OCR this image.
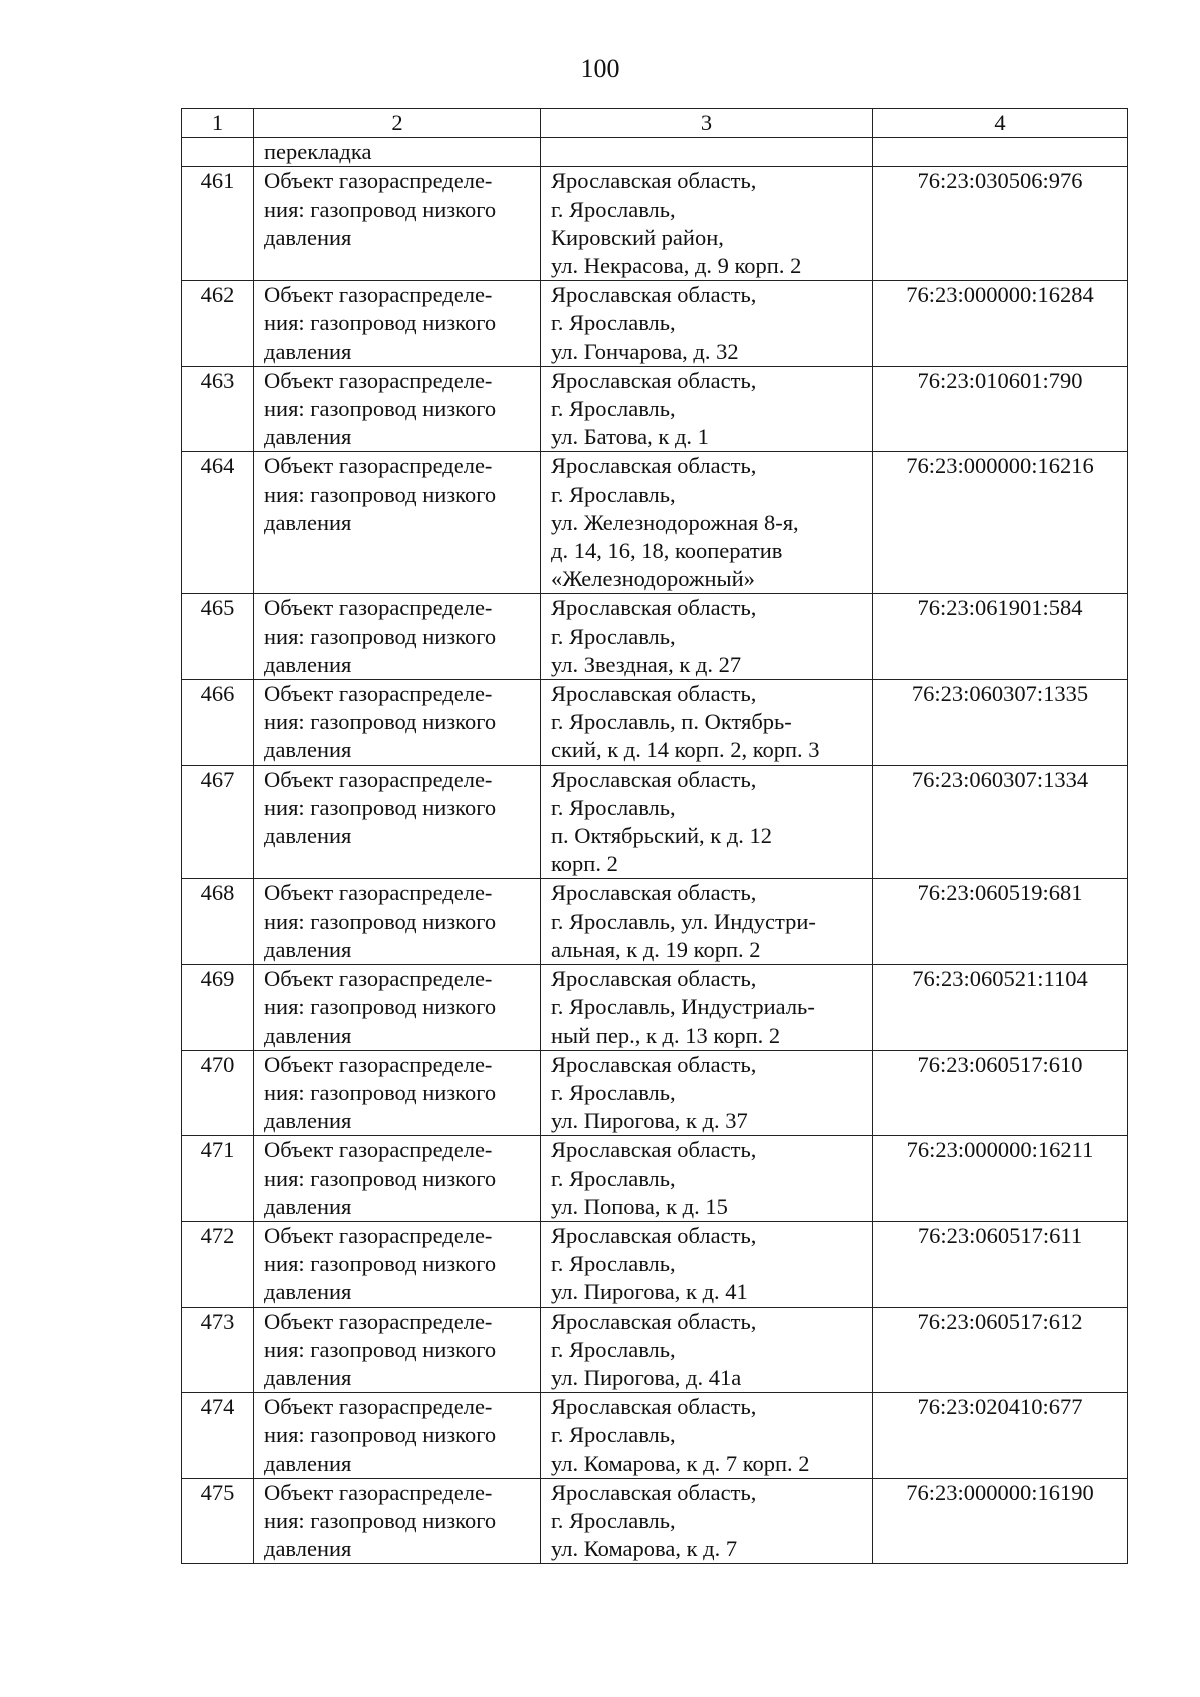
100
1	2	3	4

	перекладка		

461	Объект газораспределе-
ния: газопровод низкого
давления	Ярославская область,
г. Ярославль,
Кировский район,
ул. Некрасова, д. 9 корп. 2	76:23:030506:976
462	Объект газораспределе-
ния: газопровод низкого
давления	Ярославская область,
г. Ярославль,
ул. Гончарова, д. 32	76:23:000000:16284
463	Объект газораспределе-
ния: газопровод низкого
давления	Ярославская область,
г. Ярославль,
ул. Батова, к д. 1	76:23:010601:790
464	Объект газораспределе-
ния: газопровод низкого
давления	Ярославская область,
г. Ярославль,
ул. Железнодорожная 8-я,
д. 14, 16, 18, кооператив
«Железнодорожный»	76:23:000000:16216
465	Объект газораспределе-
ния: газопровод низкого
давления	Ярославская область,
г. Ярославль,
ул. Звездная, к д. 27	76:23:061901:584
466	Объект газораспределе-
ния: газопровод низкого
давления	Ярославская область,
г. Ярославль, п. Октябрь-
ский, к д. 14 корп. 2, корп. 3	76:23:060307:1335
467	Объект газораспределе-
ния: газопровод низкого
давления	Ярославская область,
г. Ярославль,
п. Октябрьский, к д. 12
корп. 2	76:23:060307:1334
468	Объект газораспределе-
ния: газопровод низкого
давления	Ярославская область,
г. Ярославль, ул. Индустри-
альная, к д. 19 корп. 2	76:23:060519:681
469	Объект газораспределе-
ния: газопровод низкого
давления	Ярославская область,
г. Ярославль, Индустриаль-
ный пер., к д. 13 корп. 2	76:23:060521:1104
470	Объект газораспределе-
ния: газопровод низкого
давления	Ярославская область,
г. Ярославль,
ул. Пирогова, к д. 37	76:23:060517:610
471	Объект газораспределе-
ния: газопровод низкого
давления	Ярославская область,
г. Ярославль,
ул. Попова, к д. 15	76:23:000000:16211
472	Объект газораспределе-
ния: газопровод низкого
давления	Ярославская область,
г. Ярославль,
ул. Пирогова, к д. 41	76:23:060517:611
473	Объект газораспределе-
ния: газопровод низкого
давления	Ярославская область,
г. Ярославль,
ул. Пирогова, д. 41а	76:23:060517:612
474	Объект газораспределе-
ния: газопровод низкого
давления	Ярославская область,
г. Ярославль,
ул. Комарова, к д. 7 корп. 2	76:23:020410:677
475	Объект газораспределе-
ния: газопровод низкого
давления	Ярославская область,
г. Ярославль,
ул. Комарова, к д. 7	76:23:000000:16190
